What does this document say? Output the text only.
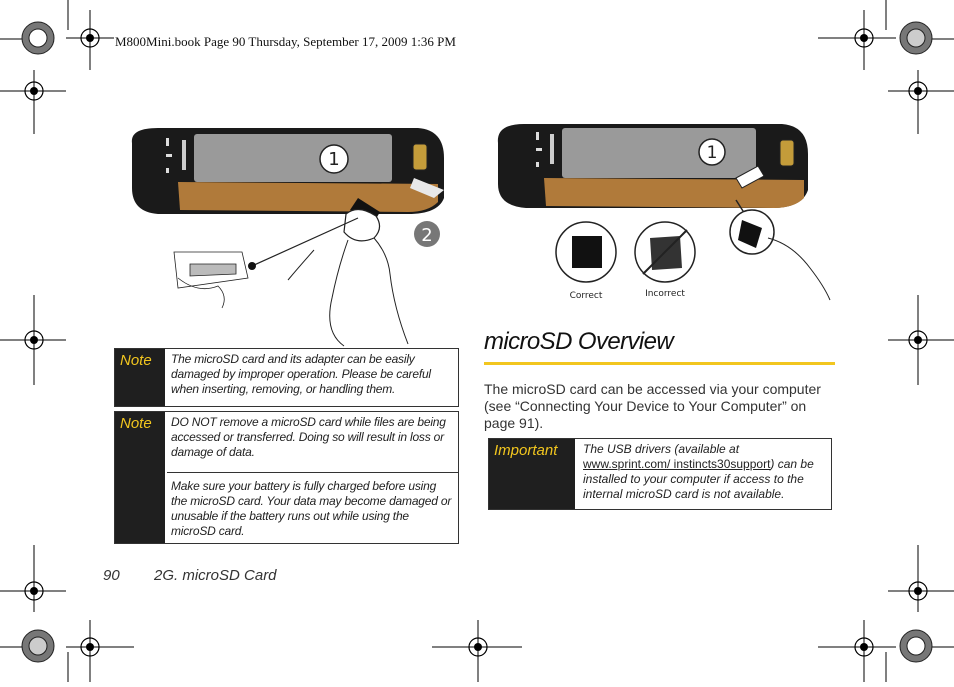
M800Mini.book Page 90 Thursday, September 17, 2009 1:36 PM
1
2
1
Correct	Incorrect
Note	The microSD card and its adapter can be easily damaged by improper operation. Please be careful when inserting, removing, or handling them.
Note	DO NOT remove a microSD card while files are being accessed or transferred. Doing so will result in loss or damage of data.
Make sure your battery is fully charged before using the microSD card. Your data may become damaged or unusable if the battery runs out while using the microSD card.
microSD Overview
The microSD card can be accessed via your computer (see “Connecting Your Device to Your Computer” on page 91).
Important	The USB drivers (available at www.sprint.com/ instincts30support) can be installed to your computer if access to the internal microSD card is not available.
90 2G. microSD Card
